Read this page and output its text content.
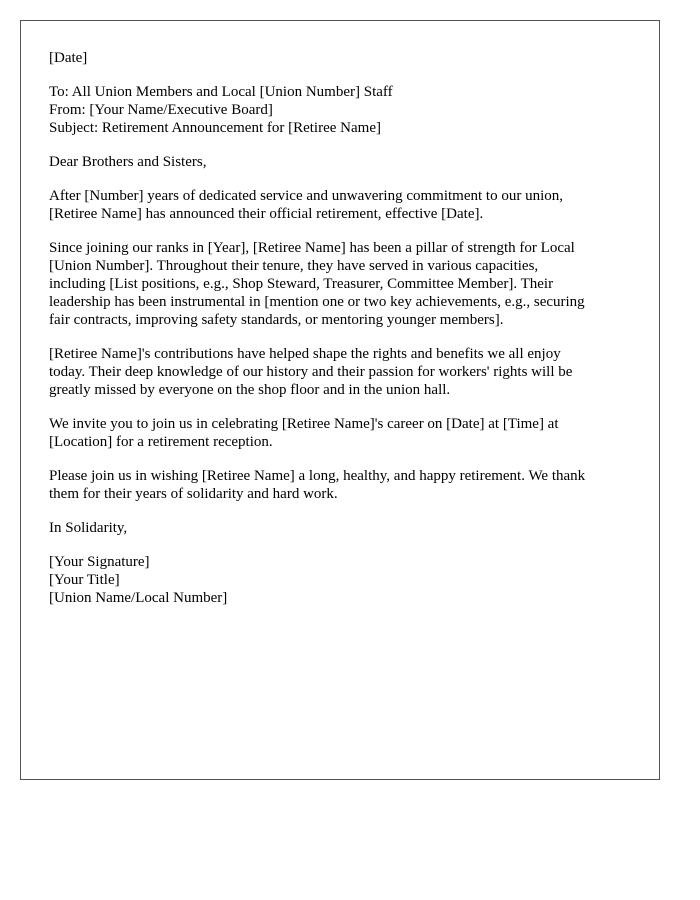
[Date]
To: All Union Members and Local [Union Number] Staff
From: [Your Name/Executive Board]
Subject: Retirement Announcement for [Retiree Name]
Dear Brothers and Sisters,
After [Number] years of dedicated service and unwavering commitment to our union,
[Retiree Name] has announced their official retirement, effective [Date].
Since joining our ranks in [Year], [Retiree Name] has been a pillar of strength for Local
[Union Number]. Throughout their tenure, they have served in various capacities,
including [List positions, e.g., Shop Steward, Treasurer, Committee Member]. Their
leadership has been instrumental in [mention one or two key achievements, e.g., securing
fair contracts, improving safety standards, or mentoring younger members].
[Retiree Name]'s contributions have helped shape the rights and benefits we all enjoy
today. Their deep knowledge of our history and their passion for workers' rights will be
greatly missed by everyone on the shop floor and in the union hall.
We invite you to join us in celebrating [Retiree Name]'s career on [Date] at [Time] at
[Location] for a retirement reception.
Please join us in wishing [Retiree Name] a long, healthy, and happy retirement. We thank
them for their years of solidarity and hard work.
In Solidarity,
[Your Signature]
[Your Title]
[Union Name/Local Number]
